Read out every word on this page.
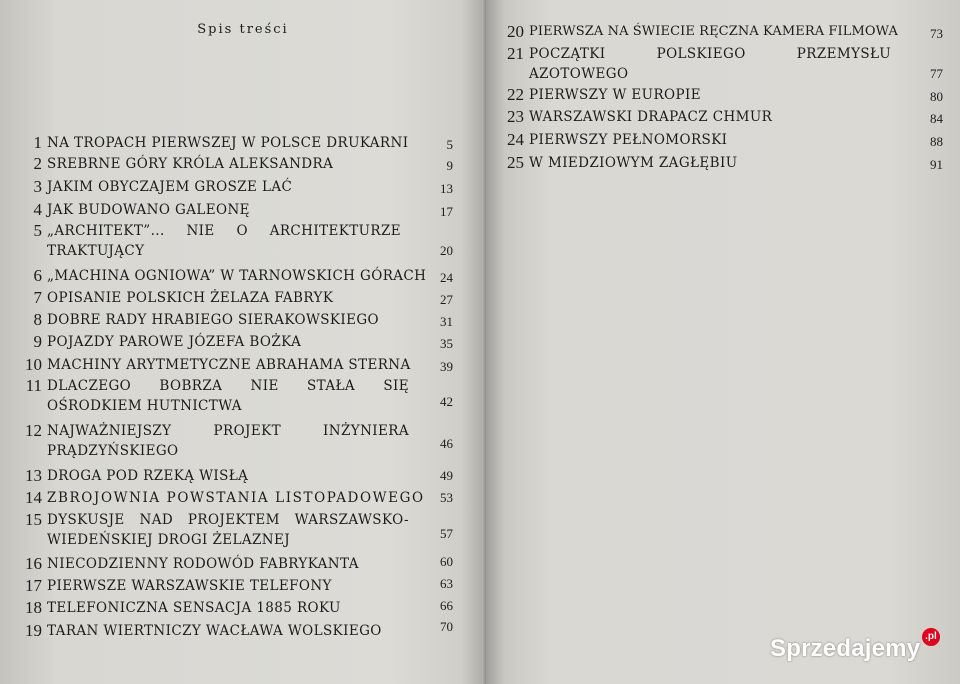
Spis treści
1 NA TROPACH PIERWSZEJ W POLSCE DRUKARNI	5
2 SREBRNE GÓRY KRÓLA ALEKSANDRA	9
3 JAKIM OBYCZAJEM GROSZE LAĆ	13
4 JAK BUDOWANO GALEONĘ	17
5 „ARCHITEKT”... NIE O ARCHITEKTURZE TRAKTUJĄCY	20
6 „MACHINA OGNIOWA” W TARNOWSKICH GÓRACH	24
7 OPISANIE POLSKICH ŻELAZA FABRYK	27
8 DOBRE RADY HRABIEGO SIERAKOWSKIEGO	31
9 POJAZDY PAROWE JÓZEFA BOŻKA	35
10 MACHINY ARYTMETYCZNE ABRAHAMA STERNA	39
11 DLACZEGO BOBRZA NIE STAŁA SIĘ OŚRODKIEM HUTNICTWA	42
12 NAJWAŻNIEJSZY PROJEKT INŻYNIERA PRĄDZYŃSKIEGO	46
13 DROGA POD RZEKĄ WISŁĄ	49
14 ZBROJOWNIA POWSTANIA LISTOPADOWEGO	53
15 DYSKUSJE NAD PROJEKTEM WARSZAWSKO-WIEDEŃSKIEJ DROGI ŻELAZNEJ	57
16 NIECODZIENNY RODOWÓD FABRYKANTA	60
17 PIERWSZE WARSZAWSKIE TELEFONY	63
18 TELEFONICZNA SENSACJA 1885 ROKU	66
19 TARAN WIERTNICZY WACŁAWA WOLSKIEGO	70
20 PIERWSZA NA ŚWIECIE RĘCZNA KAMERA FILMOWA	73
21 POCZĄTKI POLSKIEGO PRZEMYSŁU AZOTOWEGO	77
22 PIERWSZY W EUROPIE	80
23 WARSZAWSKI DRAPACZ CHMUR	84
24 PIERWSZY PEŁNOMORSKI	88
25 W MIEDZIOWYM ZAGŁĘBIU	91
Sprzedajemy .pl
